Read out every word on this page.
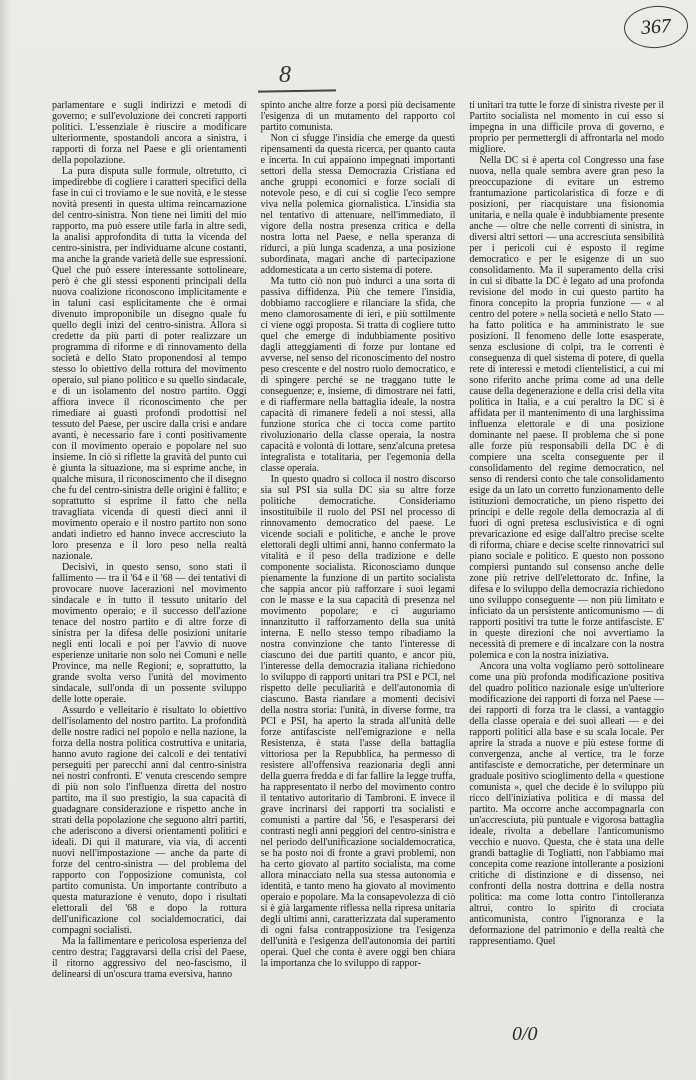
367
8

parlamentare e sugli indirizzi e metodi di governo; e sull'evoluzione dei concreti rapporti politici. L'essenziale è riuscire a modificare ulteriormente, spostandoli ancora a sinistra, i rapporti di forza nel Paese e gli orientamenti della popolazione.

La pura disputa sulle formule, oltretutto, ci impedirebbe di cogliere i caratteri specifici della fase in cui ci troviamo e le sue novità, e le stesse novità presenti in questa ultima reincarnazione del centro-sinistra. Non tiene nei limiti del mio rapporto, ma può essere utile farla in altre sedi, la analisi approfondita di tutta la vicenda del centro-sinistra, per individuarne alcune costanti, ma anche la grande varietà delle sue espressioni. Quel che può essere interessante sottolineare, però è che gli stessi esponenti principali della nuova coalizione riconoscono implicitamente e in taluni casi esplicitamente che è ormai divenuto improponibile un disegno quale fu quello degli inizi del centro-sinistra. Allora si credette da più parti di poter realizzare un programma di riforme e di rinnovamento della società e dello Stato proponendosi al tempo stesso lo obiettivo della rottura del movimento operaio, sul piano politico e su quello sindacale, e di un isolamento del nostro partito. Oggi affiora invece il riconoscimento che per rimediare ai guasti profondi prodottisi nel tessuto del Paese, per uscire dalla crisi e andare avanti, è necessario fare i conti positivamente con il movimento operaio e popolare nel suo insieme. In ciò si riflette la gravità del punto cui è giunta la situazione, ma si esprime anche, in qualche misura, il riconoscimento che il disegno che fu del centro-sinistra delle origini è fallito; e soprattutto si esprime il fatto che nella travagliata vicenda di questi dieci anni il movimento operaio e il nostro partito non sono andati indietro ed hanno invece accresciuto la loro presenza e il loro peso nella realtà nazionale.

Decisivi, in questo senso, sono stati il fallimento — tra il '64 e il '68 — dei tentativi di provocare nuove lacerazioni nel movimento sindacale e in tutto il tessuto unitario del movimento operaio; e il successo dell'azione tenace del nostro partito e di altre forze di sinistra per la difesa delle posizioni unitarie negli enti locali e poi per l'avvio di nuove esperienze unitarie non solo nei Comuni e nelle Province, ma nelle Regioni; e, soprattutto, la grande svolta verso l'unità del movimento sindacale, sull'onda di un possente sviluppo delle lotte operaie.

Assurdo e velleitario è risultato lo obiettivo dell'isolamento del nostro partito. La profondità delle nostre radici nel popolo e nella nazione, la forza della nostra politica costruttiva e unitaria, hanno avuto ragione dei calcoli e dei tentativi perseguiti per parecchi anni dal centro-sinistra nei nostri confronti. E' venuta crescendo sempre di più non solo l'influenza diretta del nostro partito, ma il suo prestigio, la sua capacità di guadagnare considerazione e rispetto anche in strati della popolazione che seguono altri partiti, che aderiscono a diversi orientamenti politici e ideali. Di qui il maturare, via via, di accenti nuovi nell'impostazione — anche da parte di forze del centro-sinistra — del problema del rapporto con l'opposizione comunista, col partito comunista. Un importante contributo a questa maturazione è venuto, dopo i risultati elettorali del '68 e dopo la rottura dell'unificazione col socialdemocratici, dai compagni socialisti.

Ma la fallimentare e pericolosa esperienza del centro destra; l'aggravarsi della crisi del Paese, il ritorno aggressivo del neo-fascismo, il delinearsi di un'oscura trama eversiva, hanno

spinto anche altre forze a porsi più decisamente l'esigenza di un mutamento del rapporto col partito comunista.

Non ci sfugge l'insidia che emerge da questi ripensamenti da questa ricerca, per quanto cauta e incerta. In cui appaiono impegnati importanti settori della stessa Democrazia Cristiana ed anche gruppi economici e forze sociali di notevole peso, e di cui si coglie l'eco sempre viva nella polemica giornalistica. L'insidia sta nel tentativo di attenuare, nell'immediato, il vigore della nostra presenza critica e della nostra lotta nel Paese, e nella speranza di ridurci, a più lunga scadenza, a una posizione subordinata, magari anche di partecipazione addomesticata a un certo sistema di potere.

Ma tutto ciò non può indurci a una sorta di passiva diffidenza. Più che temere l'insidia, dobbiamo raccogliere e rilanciare la sfida, che meno clamorosamente di ieri, e più sottilmente ci viene oggi proposta. Si tratta di cogliere tutto quel che emerge di indubbiamente positivo dagli atteggiamenti di forze pur lontane ed avverse, nel senso del riconoscimento del nostro peso crescente e del nostro ruolo democratico, e di spingere perché se ne traggano tutte le conseguenze; e, insieme, di dimostrare nei fatti, e di riaffermare nella battaglia ideale, la nostra capacità di rimanere fedeli a noi stessi, alla funzione storica che ci tocca come partito rivoluzionario della classe operaia, la nostra capacità e volontà di lottare, senz'alcuna pretesa integralista e totalitaria, per l'egemonia della classe operaia.

In questo quadro si colloca il nostro discorso sia sul PSI sia sulla DC sia su altre forze politiche democratiche. Consideriamo insostituibile il ruolo del PSI nel processo di rinnovamento democratico del paese. Le vicende sociali e politiche, e anche le prove elettorali degli ultimi anni, hanno confermato la vitalità e il peso della tradizione e delle componente socialista. Riconosciamo dunque pienamente la funzione di un partito socialista che sappia ancor più rafforzare i suoi legami con le masse e la sua capacità di presenza nel movimento popolare; e ci auguriamo innanzitutto il rafforzamento della sua unità interna. E nello stesso tempo ribadiamo la nostra convinzione che tanto l'interesse di ciascuno dei due partiti quanto, e ancor più, l'interesse della democrazia italiana richiedono lo sviluppo di rapporti unitari tra PSI e PCI, nel rispetto delle peculiarità e dell'autonomia di ciascuno. Basta riandare a momenti decisivi della nostra storia: l'unità, in diverse forme, tra PCI e PSI, ha aperto la strada all'unità delle forze antifasciste nell'emigrazione e nella Resistenza, è stata l'asse della battaglia vittoriosa per la Repubblica, ha permesso di resistere all'offensiva reazionaria degli anni della guerra fredda e di far fallire la legge truffa, ha rappresentato il nerbo del movimento contro il tentativo autoritario di Tambroni. E invece il grave incrinarsi dei rapporti tra socialisti e comunisti a partire dal '56, e l'esasperarsi dei contrasti negli anni peggiori del centro-sinistra e nel periodo dell'unificazione socialdemocratica, se ha posto noi di fronte a gravi problemi, non ha certo giovato al partito socialista, ma come allora minacciato nella sua stessa autonomia e identità, e tanto meno ha giovato al movimento operaio e popolare. Ma la consapevolezza di ciò si è già largamente riflessa nella ripresa unitaria degli ultimi anni, caratterizzata dal superamento di ogni falsa contrapposizione tra l'esigenza dell'unità e l'esigenza dell'autonomia dei partiti operai. Quel che conta è avere oggi ben chiara la importanza che lo sviluppo di rappor-

ti unitari tra tutte le forze di sinistra riveste per il Partito socialista nel momento in cui esso si impegna in una difficile prova di governo, e proprio per permettergli di affrontarla nel modo migliore.

Nella DC si è aperta col Congresso una fase nuova, nella quale sembra avere gran peso la preoccupazione di evitare un estremo frantumazione particolaristica di forze e di posizioni, per riacquistare una fisionomia unitaria, e nella quale è indubbiamente presente anche — oltre che nelle correnti di sinistra, in diversi altri settori — una accresciuta sensibilità per i pericoli cui è esposto il regime democratico e per le esigenze di un suo consolidamento. Ma il superamento della crisi in cui si dibatte la DC è legato ad una profonda revisione del modo in cui questo partito ha finora concepito la propria funzione — « al centro del potere » nella società e nello Stato — ha fatto politica e ha amministrato le sue posizioni. Il fenomeno delle lotte esasperate, senza esclusione di colpi, tra le correnti è conseguenza di quel sistema di potere, di quella rete di interessi e metodi clientelistici, a cui mi sono riferito anche prima come ad una delle cause della degenerazione e della crisi della vita politica in Italia, e a cui peraltro la DC si è affidata per il mantenimento di una larghissima influenza elettorale e di una posizione dominante nel paese. Il problema che si pone alle forze più responsabili della DC è di compiere una scelta conseguente per il consolidamento del regime democratico, nel senso di rendersi conto che tale consolidamento esige da un lato un corretto funzionamento delle istituzioni democratiche, un pieno rispetto dei principi e delle regole della democrazia al di fuori di ogni pretesa esclusivistica e di ogni prevaricazione ed esige dall'altro precise scelte di riforma, chiare e decise scelte rinnovatrici sul piano sociale e politico. E questo non possono compiersi puntando sul consenso anche delle zone più retrive dell'elettorato dc. Infine, la difesa e lo sviluppo della democrazia richiedono uno sviluppo conseguente — non più limitato e inficiato da un persistente anticomunismo — di rapporti positivi tra tutte le forze antifasciste. E' in queste direzioni che noi avvertiamo la necessità di premere e di incalzare con la nostra polemica e con la nostra iniziativa.

Ancora una volta vogliamo però sottolineare come una più profonda modificazione positiva del quadro politico nazionale esige un'ulteriore modificazione dei rapporti di forza nel Paese — dei rapporti di forza tra le classi, a vantaggio della classe operaia e dei suoi alleati — e dei rapporti politici alla base e su scala locale. Per aprire la strada a nuove e più estese forme di convergenza, anche al vertice, tra le forze antifasciste e democratiche, per determinare un graduale positivo scioglimento della « questione comunista », quel che decide è lo sviluppo più ricco dell'iniziativa politica e di massa del partito. Ma occorre anche accompagnarla con un'accresciuta, più puntuale e vigorosa battaglia ideale, rivolta a debellare l'anticomunismo vecchio e nuovo. Questa, che è stata una delle grandi battaglie di Togliatti, non l'abbiamo mai concepita come reazione intollerante a posizioni critiche di distinzione e di dissenso, nei confronti della nostra dottrina e della nostra politica: ma come lotta contro l'intolleranza altrui, contro lo spirito di crociata anticomunista, contro l'ignoranza e la deformazione del patrimonio e della realtà che rappresentiamo. Quel

0/0
